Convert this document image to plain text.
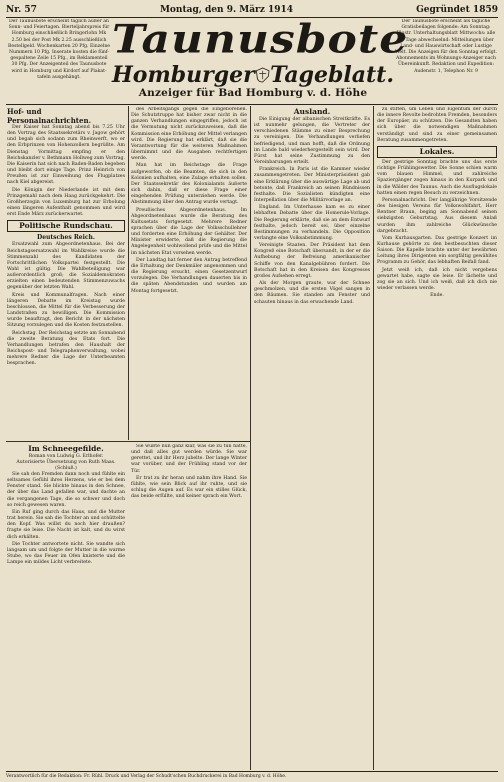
Nr. 57	Montag, den 9. März 1914	Gegründet 1859

Der Taunusbote erscheint täglich außer an Sonn- und Feiertagen. Bierteljahrspreis für Homburg einschließlich Bringerlohn Mk 2.50 bei der Post Mk 2.25 ausschließlich Bestellgeld. Wochenkarten 20 Pfg. Einzelne Nummern 10 Pfg. Inserate kosten die fünf-gespaltene Zeile 15 Pfg., im Reklamenteil 30 Pfg. Der Anzeigenteil des Taunusbote wird in Homburg und Kirdorf auf Plakat-tafeln ausgehängt.

Taunusbote
Homburger Tageblatt.
Anzeiger für Bad Homburg v. d. Höhe

Der Taunusbote erscheint als tägliche Gratisbeilagen folgende: Am Sonntag: Illustr. Unterhaltungsblatt Mittwochs: alle 14 Tage abwechselnd: Mitteilungen über Land- und Hauswirtschaft oder Lustige Welt. Die Anzeigen für den Sonntag erfolgt. Abonnements im Wohnungs-Anzeiger nach Übereinkunft. Redaktion und Expedition: Audenstr. 1, Telephon Nr. 9

Hof- und Personalnachrichten.

Der Kaiser hat Sonntag abend bis 7.25 Uhr den Vortrag des Staatssekretärs v. Jagow gehört und begab sich sodann zum Rheinwerft, wo er den Erbprinzen von Hohenzollern begrüßte. Am Dienstag Vormittag empfing er den Reichskanzler v. Bethmann Hollweg zum Vortrag. Die Kaiserin hat sich nach Baden-Baden begeben und bleibt dort einige Tage. Prinz Heinrich von Preußen ist zur Einweihung des Flugplatzes nach Kiel abgereist.

Die Königin der Niederlande ist mit dem Prinzgemahl nach dem Haag zurückgekehrt. Die Großherzogin von Luxemburg hat zur Erholung einen längeren Aufenthalt genommen und wird erst Ende März zurückerwartet.

Politische Rundschau.
Deutsches Reich.

Ersatzwahl zum Abgeordnetenhaus. Bei der Reichstagsersatzwahl im Wahlkreise wurde die Stimmenzahl des Kandidaten der Fortschrittlichen Volkspartei festgestellt. Die Wahl ist gültig. Die Wahlbeteiligung war außerordentlich groß; die Sozialdemokraten erzielten einen bedeutenden Stimmenzuwachs gegenüber der letzten Wahl.

Kreis und Kommunalfragen. Nach einer längeren Debatte im Kreistag wurde beschlossen, die Mittel für die Verbesserung der Landstraßen zu bewilligen. Die Kommission wurde beauftragt, den Bericht in der nächsten Sitzung vorzulegen und die Kosten festzustellen.

Reichstag. Der Reichstag setzte am Sonnabend die zweite Beratung des Etats fort. Die Verhandlungen betrafen den Haushalt der Reichspost- und Telegraphenverwaltung, wobei mehrere Redner die Lage der Unterbeamten besprachen.

des Arbeitsgangs gegen die Eingeborenen. Die Schutztruppe hat bisher zwar nicht in die ganzen Verhandlungen eingegriffen, jedoch ist die Vermutung nicht zurückzuweisen, daß die Kommission eine Erhöhung der Mittel verlangen wird. Die Regierung hat erklärt, daß sie die Verantwortung für die weiteren Maßnahmen übernimmt und die Ausgaben rechtfertigen werde.

Man hat im Reichstage die Frage aufgeworfen, ob die Beamten, die sich in den Kolonien aufhalten, eine Zulage erhalten sollen. Der Staatssekretär des Kolonialamts äußerte sich dahin, daß er diese Frage einer eingehenden Prüfung unterziehen werde. Die Abstimmung über den Antrag wurde vertagt.

Preußisches Abgeordnetenhaus. Im Abgeordnetenhaus wurde die Beratung des Kultusetats fortgesetzt. Mehrere Redner sprachen über die Lage der Volksschullehrer und forderten eine Erhöhung der Gehälter. Der Minister erwiderte, daß die Regierung die Angelegenheit wohlwollend prüfe und die Mittel im nächsten Etat vorsehen werde.

Der Landtag hat ferner den Antrag betreffend die Erhaltung der Denkmäler angenommen und die Regierung ersucht, einen Gesetzentwurf vorzulegen. Die Verhandlungen dauerten bis in die späten Abendstunden und wurden am Montag fortgesetzt.

Im Schneegefilde.
Roman von Ludwig G. Erlhofer.
Autorisierte Übersetzung von Ruth Maas.
(Schluß.)

Sie sah den Fremden dann noch und fühlte ein seltsames Gefühl ihres Herzens, wie er bei dem Fenster stand. Sie blickte hinaus in den Schnee, der über das Land gefallen war, und dachte an die vergangenen Tage, die so schwer und doch so reich gewesen waren.

Ein Ruf ging durch das Haus, und die Mutter trat herein. Sie sah die Tochter an und schüttelte den Kopf. Was willst du noch hier draußen? fragte sie leise. Die Nacht ist kalt, und du wirst dich erkälten.

Die Tochter antwortete nicht. Sie wandte sich langsam um und folgte der Mutter in die warme Stube, wo das Feuer im Ofen knisterte und die Lampe ein mildes Licht verbreitete.

Sie wußte nun ganz klar, was sie zu tun hatte, und daß alles gut werden würde. Sie war gerettet, und ihr Herz jubelte. Der lange Winter war vorüber, und der Frühling stand vor der Tür.

Er trat zu ihr heran und nahm ihre Hand. Sie fühlte, wie sein Blick auf ihr ruhte, und sie schlug die Augen auf. Es war ein stilles Glück, das beide erfüllte, und keiner sprach ein Wort.

Ausland.

Die Einigung der albanischen Streitkräfte. Es ist nunmehr gelungen, die Vertreter der verschiedenen Stämme zu einer Besprechung zu vereinigen. Die Verhandlungen verliefen befriedigend, und man hofft, daß die Ordnung im Lande bald wiederhergestellt sein wird. Der Fürst hat seine Zustimmung zu den Vereinbarungen erteilt.

Frankreich. In Paris ist die Kammer wieder zusammengetreten. Der Ministerpräsident gab eine Erklärung über die auswärtige Lage ab und betonte, daß Frankreich an seinen Bündnissen festhalte. Die Sozialisten kündigten eine Interpellation über die Militärvorlage an.

England. Im Unterhause kam es zu einer lebhaften Debatte über die Homerule-Vorlage. Die Regierung erklärte, daß sie an dem Entwurf festhalte, jedoch bereit sei, über einzelne Bestimmungen zu verhandeln. Die Opposition verlangte eine Volksabstimmung.

Vereinigte Staaten. Der Präsident hat dem Kongreß eine Botschaft übersandt, in der er die Aufhebung der Befreiung amerikanischer Schiffe von den Kanalgebühren fordert. Die Botschaft hat in den Kreisen des Kongresses großes Aufsehen erregt.

Als der Morgen graute, war der Schnee geschmolzen, und die ersten Vögel sangen in den Bäumen. Sie standen am Fenster und schauten hinaus in das erwachende Land.

zu stiften, um Leben und Eigentum der durch die innere Revolte bedrohten Fremden, besonders der Europäer, zu schützen. Die Gesandten haben sich über die notwendigen Maßnahmen verständigt und sind zu einer gemeinsamen Beratung zusammengetreten.

Lokales.

Der gestrige Sonntag brachte uns das erste richtige Frühlingswetter. Die Sonne schien warm vom blauen Himmel, und zahlreiche Spaziergänger zogen hinaus in den Kurpark und in die Wälder des Taunus. Auch die Ausflugslokale hatten einen regen Besuch zu verzeichnen.

Personalnachricht. Der langjährige Vorsitzende des hiesigen Vereins für Volkswohlfahrt, Herr Rentner Braun, beging am Sonnabend seinen siebzigsten Geburtstag. Aus diesem Anlaß wurden ihm zahlreiche Glückwünsche dargebracht.

Vom Kurhausgarten. Das gestrige Konzert im Kurhause gehörte zu den bestbesuchten dieser Saison. Die Kapelle brachte unter der bewährten Leitung ihres Dirigenten ein sorgfältig gewähltes Programm zu Gehör, das lebhaften Beifall fand.

Jetzt weiß ich, daß ich nicht vergebens gewartet habe, sagte sie leise. Er lächelte und zog sie an sich. Und ich weiß, daß ich dich nie wieder verlassen werde.

Ende.
Verantwortlich für die Redaktion: Fr. Rühl. Druck und Verlag der Schudt'schen Buchdruckerei in Bad Homburg v. d. Höhe.
